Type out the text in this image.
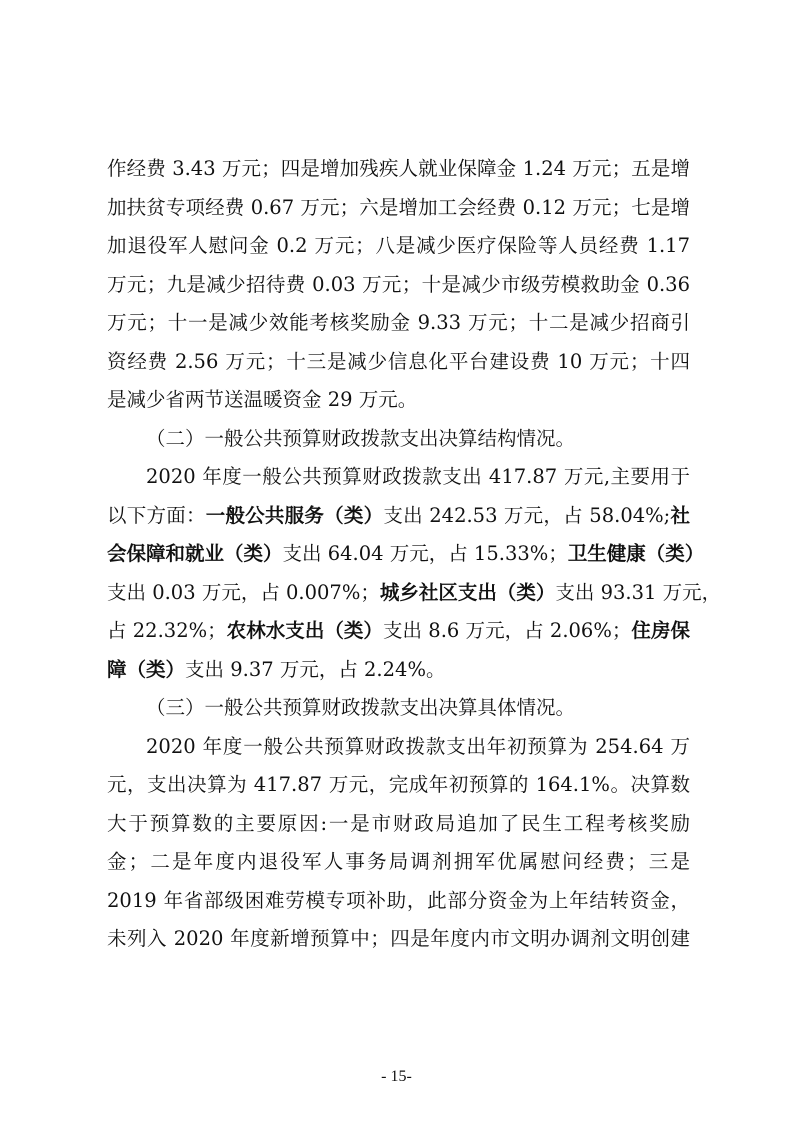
作经费 3.43 万元；四是增加残疾人就业保障金 1.24 万元；五是增
加扶贫专项经费 0.67 万元；六是增加工会经费 0.12 万元；七是增
加退役军人慰问金 0.2 万元；八是减少医疗保险等人员经费 1.17
万元；九是减少招待费 0.03 万元；十是减少市级劳模救助金 0.36
万元；十一是减少效能考核奖励金 9.33 万元；十二是减少招商引
资经费 2.56 万元；十三是减少信息化平台建设费 10 万元；十四
是减少省两节送温暖资金 29 万元。
（二）一般公共预算财政拨款支出决算结构情况。
2020 年度一般公共预算财政拨款支出 417.87 万元,主要用于
以下方面：一般公共服务（类）支出 242.53 万元，占 58.04%;社
会保障和就业（类）支出 64.04 万元，占 15.33%；卫生健康（类）
支出 0.03 万元，占 0.007%；城乡社区支出（类）支出 93.31 万元，
占 22.32%；农林水支出（类）支出 8.6 万元，占 2.06%；住房保
障（类）支出 9.37 万元，占 2.24%。
（三）一般公共预算财政拨款支出决算具体情况。
2020 年度一般公共预算财政拨款支出年初预算为 254.64 万
元，支出决算为 417.87 万元，完成年初预算的 164.1%。决算数
大于预算数的主要原因:一是市财政局追加了民生工程考核奖励
金；二是年度内退役军人事务局调剂拥军优属慰问经费；三是
2019 年省部级困难劳模专项补助，此部分资金为上年结转资金，
未列入 2020 年度新增预算中；四是年度内市文明办调剂文明创建
- 15-
